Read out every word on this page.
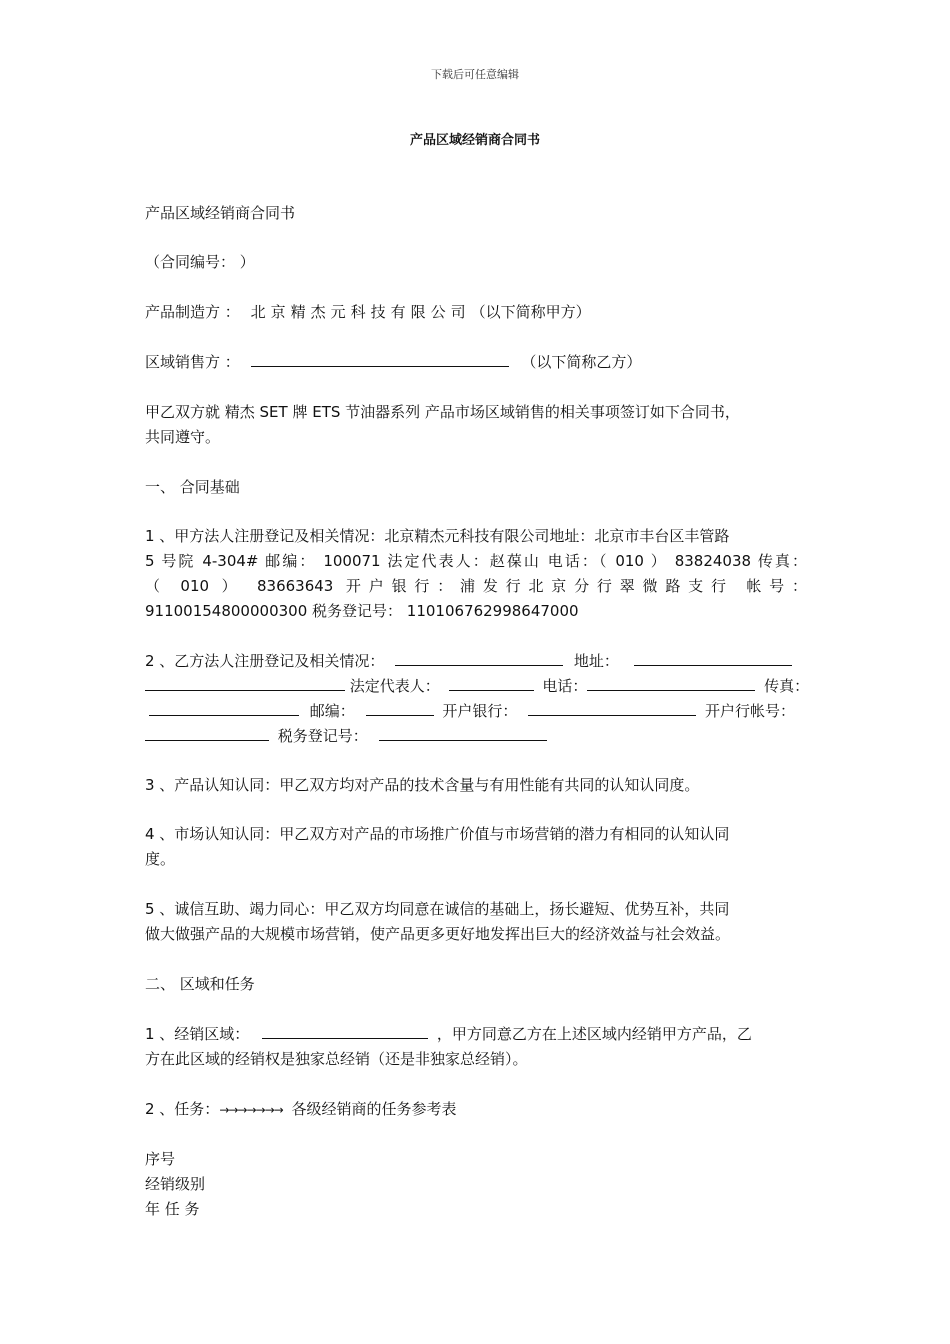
下载后可任意编辑
产品区域经销商合同书
产品区域经销商合同书
（合同编号： ）
产品制造方 ： 北京精杰元科技有限公司（以下简称甲方）
区域销售方 ：	（以下简称乙方）
甲乙双方就 精杰 SET 牌 ETS 节油器系列 产品市场区域销售的相关事项签订如下合同书，
共同遵守。
一、 合同基础
1 、甲方法人注册登记及相关情况：北京精杰元科技有限公司地址：北京市丰台区丰管路
5 号院 4-304# 邮编： 100071 法定代表人：赵葆山 电话：（ 010 ） 83824038 传真：
（ 010 ） 83663643 开户银行：浦发行北京分行翠微路支行 帐号：
91100154800000300 税务登记号： 110106762998647000
2 、乙方法人注册登记及相关情况：	地址：
法定代表人：	电话：	传真：
邮编：	开户银行：	开户行帐号：
税务登记号：
3 、产品认知认同：甲乙双方均对产品的技术含量与有用性能有共同的认知认同度。
4 、市场认知认同：甲乙双方对产品的市场推广价值与市场营销的潜力有相同的认知认同
度。
5 、诚信互助、竭力同心：甲乙双方均同意在诚信的基础上，扬长避短、优势互补，共同
做大做强产品的大规模市场营销，使产品更多更好地发挥出巨大的经济效益与社会效益。
二、 区域和任务
1 、经销区域：	，甲方同意乙方在上述区域内经销甲方产品，乙
方在此区域的经销权是独家总经销（还是非独家总经销）。
2 、任务：→→→→→→→ 各级经销商的任务参考表
序号
经销级别
年 任 务
